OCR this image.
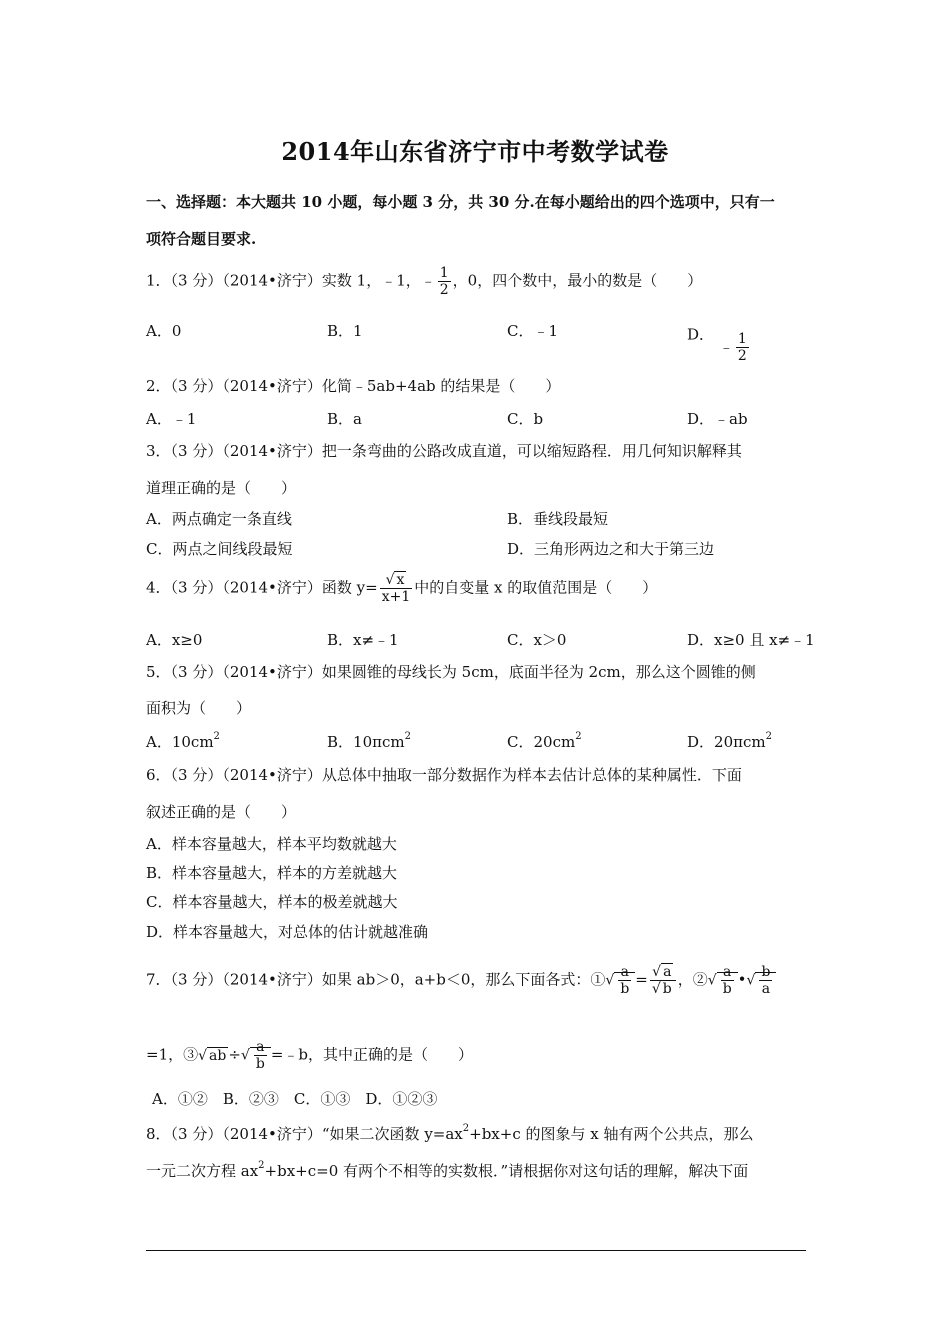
2014年山东省济宁市中考数学试卷
一、选择题：本大题共 10 小题，每小题 3 分，共 30 分.在每小题给出的四个选项中，只有一
项符合题目要求.
1．（3 分）（2014•济宁）实数 1，﹣1，﹣ $\frac{1}{2}$ ，0，四个数中，最小的数是（　　）
A．0	B．1	C．﹣1	D． ﹣ $\frac{1}{2}$
2．（3 分）（2014•济宁）化简﹣5ab+4ab 的结果是（　　）
A．﹣1	B．a	C．b	D．﹣ab
3．（3 分）（2014•济宁）把一条弯曲的公路改成直道，可以缩短路程．用几何知识解释其
道理正确的是（　　）
A．两点确定一条直线	B．垂线段最短
C．两点之间线段最短	D．三角形两边之和大于第三边
4．（3 分）（2014•济宁）函数 $y= \frac{√ x}{x+1}$ 中的自变量 x 的取值范围是（　　）
A．x≥0	B．x≠﹣1	C．x＞0	D．x≥0 且 x≠﹣1
5．（3 分）（2014•济宁）如果圆锥的母线长为 5cm，底面半径为 2cm，那么这个圆锥的侧
面积为（　　）
A．$10cm^2$	B．10πcm$^2$	C．$20cm^2$	D．20πcm$^2$
6．（3 分）（2014•济宁）从总体中抽取一部分数据作为样本去估计总体的某种属性．下面
叙述正确的是（　　）
A．样本容量越大，样本平均数就越大
B．样本容量越大，样本的方差就越大
C．样本容量越大，样本的极差就越大
D．样本容量越大，对总体的估计就越准确
7．（3 分）（2014•济宁）如果 ab＞0，a+b＜0，那么下面各式：①√ $\frac{a}{b} = \frac{√ a}{√ b}$ ，②√ $\frac{a}{b}$ •√ $\frac{b}{a}$
=1，③√ ab ÷√ $\frac{a}{b}$ =﹣b，其中正确的是（　　）
A．①②　B．②③　C．①③　D．①②③
8．（3 分）（2014•济宁）“如果二次函数 $y=ax^2+bx+c$ 的图象与 x 轴有两个公共点，那么
一元二次方程 $ax^2+bx+c=0$ 有两个不相等的实数根．”请根据你对这句话的理解，解决下面
